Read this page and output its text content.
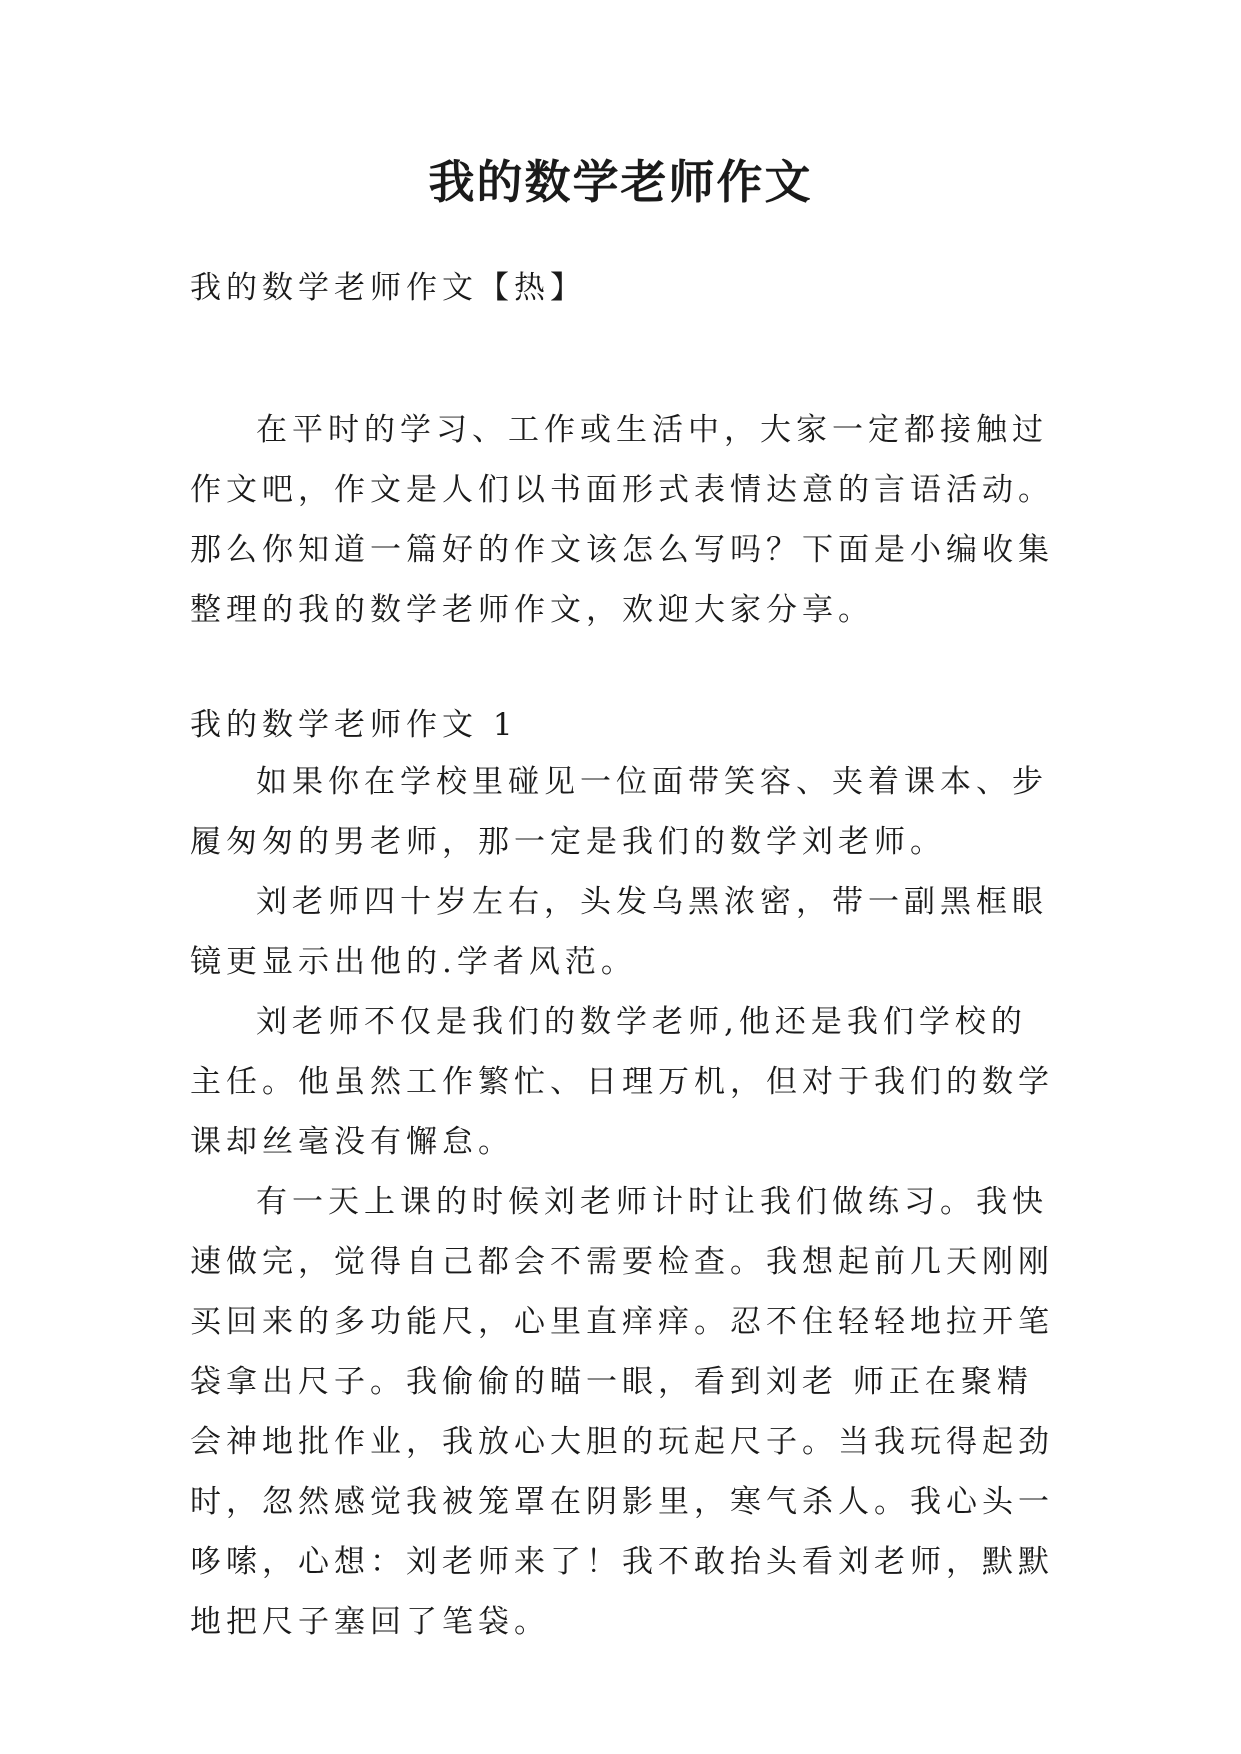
我的数学老师作文

我的数学老师作文【热】

在平时的学习、工作或生活中，大家一定都接触过作文吧，作文是人们以书面形式表情达意的言语活动。那么你知道一篇好的作文该怎么写吗？下面是小编收集整理的我的数学老师作文，欢迎大家分享。

我的数学老师作文 1

如果你在学校里碰见一位面带笑容、夹着课本、步履匆匆的男老师，那一定是我们的数学刘老师。

刘老师四十岁左右，头发乌黑浓密，带一副黑框眼镜更显示出他的.学者风范。

刘老师不仅是我们的数学老师,他还是我们学校的主任。他虽然工作繁忙、日理万机，但对于我们的数学课却丝毫没有懈怠。

有一天上课的时候刘老师计时让我们做练习。我快速做完，觉得自己都会不需要检查。我想起前几天刚刚买回来的多功能尺，心里直痒痒。忍不住轻轻地拉开笔袋拿出尺子。我偷偷的瞄一眼，看到刘老 师正在聚精会神地批作业，我放心大胆的玩起尺子。当我玩得起劲时，忽然感觉我被笼罩在阴影里，寒气杀人。我心头一哆嗦，心想：刘老师来了！我不敢抬头看刘老师，默默地把尺子塞回了笔袋。
